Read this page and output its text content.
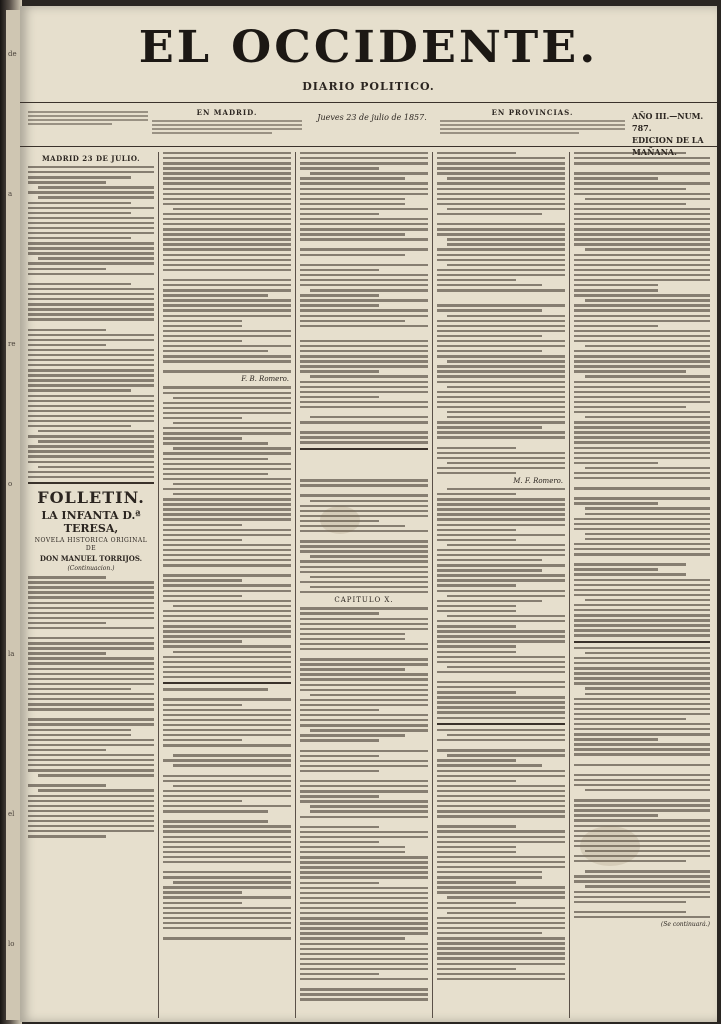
de
a
re
o
la
el
lo
EL OCCIDENTE.
DIARIO POLITICO.
EN MADRID.	EN PROVINCIAS.
Jueves 23 de julio de 1857.	AÑO III.—NUM. 787.
EDICION DE LA
MADRID 23 DE JULIO.
FOLLETIN.
LA INFANTA D.ª TERESA,
NOVELA HISTORICA ORIGINAL
DE
DON MANUEL TORRIJOS.
(Continuacion.)
F. B. Romero.
CAPITULO X.
M. F. Romero.
(Se continuará.)
